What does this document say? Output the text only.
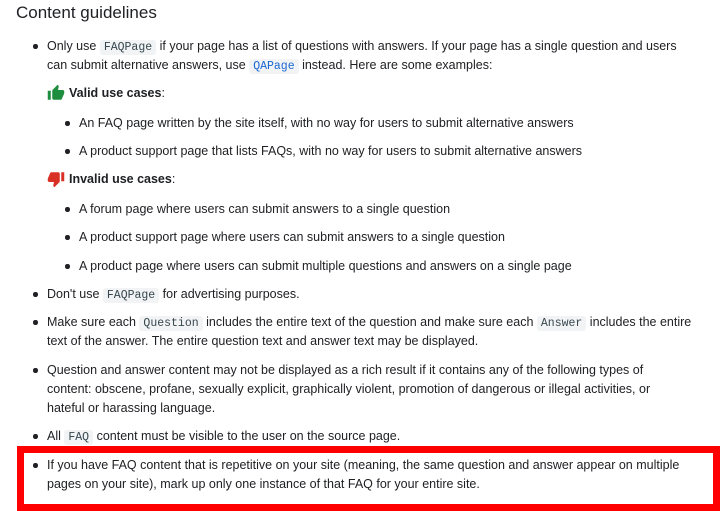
Content guidelines
Only use FAQPage if your page has a list of questions with answers. If your page has a single question and users
can submit alternative answers, use QAPage instead. Here are some examples:
Valid use cases:
An FAQ page written by the site itself, with no way for users to submit alternative answers
A product support page that lists FAQs, with no way for users to submit alternative answers
Invalid use cases:
A forum page where users can submit answers to a single question
A product support page where users can submit answers to a single question
A product page where users can submit multiple questions and answers on a single page
Don't use FAQPage for advertising purposes.
Make sure each Question includes the entire text of the question and make sure each Answer includes the entire
text of the answer. The entire question text and answer text may be displayed.
Question and answer content may not be displayed as a rich result if it contains any of the following types of
content: obscene, profane, sexually explicit, graphically violent, promotion of dangerous or illegal activities, or
hateful or harassing language.
All FAQ content must be visible to the user on the source page.
If you have FAQ content that is repetitive on your site (meaning, the same question and answer appear on multiple
pages on your site), mark up only one instance of that FAQ for your entire site.
